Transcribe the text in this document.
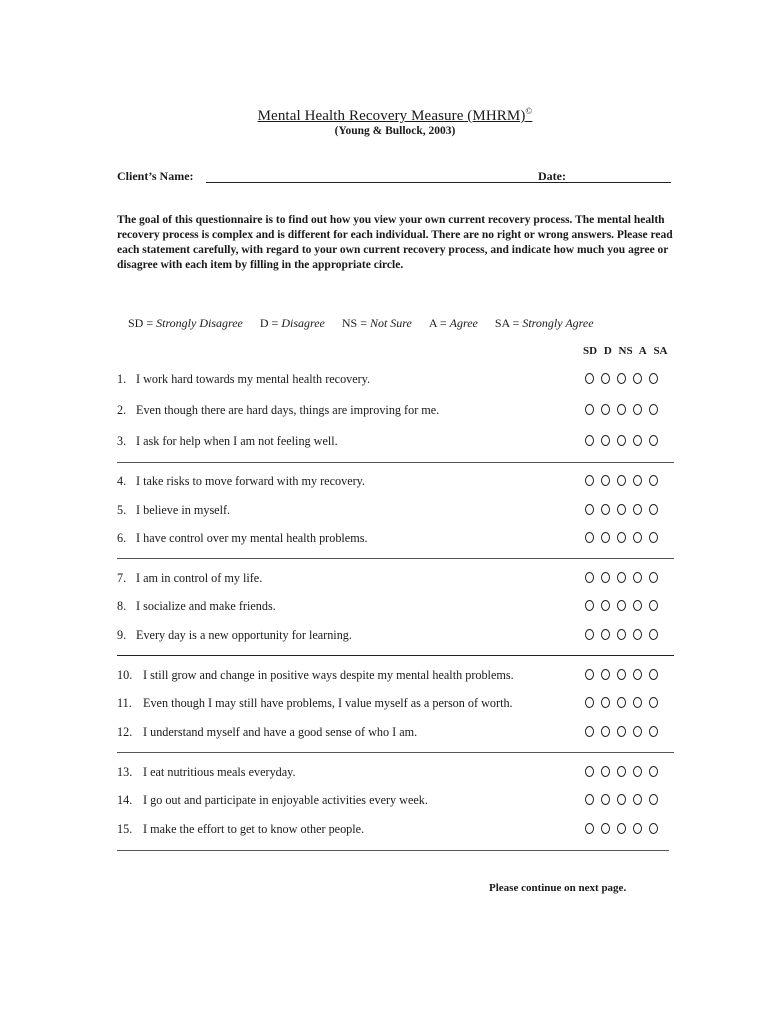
Mental Health Recovery Measure (MHRM)©
(Young & Bullock, 2003)
Client’s Name:	Date:

The goal of this questionnaire is to find out how you view your own current recovery process. The mental health recovery process is complex and is different for each individual. There are no right or wrong answers. Please read each statement carefully, with regard to your own current recovery process, and indicate how much you agree or disagree with each item by filling in the appropriate circle.

SD = Strongly Disagree D = Disagree NS = Not Sure A = Agree SA = Strongly Agree
SD D NS A SA
1. I work hard towards my mental health recovery.
2. Even though there are hard days, things are improving for me.
3. I ask for help when I am not feeling well.
4. I take risks to move forward with my recovery.
5. I believe in myself.
6. I have control over my mental health problems.
7. I am in control of my life.
8. I socialize and make friends.
9. Every day is a new opportunity for learning.
10. I still grow and change in positive ways despite my mental health problems.
11. Even though I may still have problems, I value myself as a person of worth.
12. I understand myself and have a good sense of who I am.
13. I eat nutritious meals everyday.
14. I go out and participate in enjoyable activities every week.
15. I make the effort to get to know other people.
Please continue on next page.
